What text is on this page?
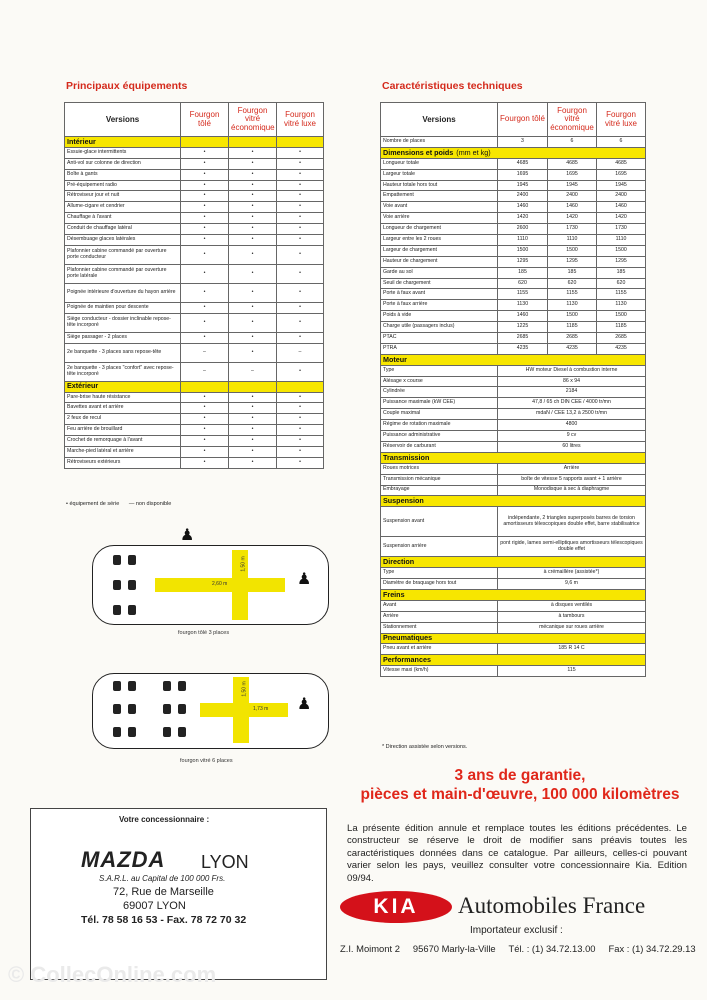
Principaux équipements
Versions	Fourgon tôlé	Fourgon vitré économique	Fourgon vitré luxe
Intérieur			
Essuie-glace intermittents	•	•	•
Anti-vol sur colonne de direction	•	•	•
Boîte à gants	•	•	•
Pré-équipement radio	•	•	•
Rétroviseur jour et nuit	•	•	•
Allume-cigare et cendrier	•	•	•
Chauffage à l'avant	•	•	•
Conduit de chauffage latéral	•	•	•
Désembuage glaces latérales	•	•	•
Plafonnier cabine commandé par ouverture porte conducteur	•	•	•
Plafonnier cabine commandé par ouverture porte latérale	•	•	•
Poignée intérieure d'ouverture du hayon arrière	•	•	•
Poignée de maintien pour descente	•	•	•
Siège conducteur - dossier inclinable repose-tête incorporé	•	•	•
Siège passager - 2 places	•	•	•
2e banquette - 3 places sans repose-tête	–	•	–
2e banquette - 3 places "confort" avec repose-tête incorporé	–	–	•
Extérieur			
Pare-brise haute résistance	•	•	•
Bavettes avant et arrière	•	•	•
2 feux de recul	•	•	•
Feu arrière de brouillard	•	•	•
Crochet de remorquage à l'avant	•	•	•
Marche-pied latéral et arrière	•	•	•
Rétroviseurs extérieurs	•	•	•
• équipement de série — non disponible
♟
2,60 m
1,50 m
♟
fourgon tôlé 3 places
1,73 m
1,50 m
♟
fourgon vitré 6 places
Caractéristiques techniques
Versions	Fourgon tôlé	Fourgon vitré économique	Fourgon vitré luxe
Nombre de places	3	6	6
Dimensions et poids (mm et kg)			
Longueur totale	4685	4685	4685
Largeur totale	1695	1695	1695
Hauteur totale hors tout	1945	1945	1945
Empattement	2400	2400	2400
Voie avant	1460	1460	1460
Voie arrière	1420	1420	1420
Longueur de chargement	2600	1730	1730
Largeur entre les 2 roues	1110	1110	1110
Largeur de chargement	1500	1500	1500
Hauteur de chargement	1295	1295	1295
Garde au sol	185	185	185
Seuil de chargement	620	620	620
Porte à faux avant	1155	1155	1155
Porte à faux arrière	1130	1130	1130
Poids à vide	1460	1500	1500
Charge utile (passagers inclus)	1225	1185	1185
PTAC	2685	2685	2685
PTRA	4235	4235	4235
Moteur			
Type	HW moteur Diesel à combustion interne		
Alésage x course	86 x 94		
Cylindrée	2184		
Puissance maximale (kW CEE)	47,8 / 65 ch DIN CEE / 4000 tr/mn		
Couple maximal	mdaN / CEE 13,2 à 2500 tr/mn		
Régime de rotation maximale	4800		
Puissance administrative	9 cv		
Réservoir de carburant	60 litres		
Transmission			
Roues motrices	Arrière		
Transmission mécanique	boîte de vitesse 5 rapports avant + 1 arrière		
Embrayage	Monodisque à sec à diaphragme		
Suspension			
Suspension avant	indépendante, 2 triangles superposés barres de torsion amortisseurs télescopiques double effet, barre stabilisatrice		
Suspension arrière	pont rigide, lames semi-elliptiques amortisseurs télescopiques double effet		
Direction			
Type	à crémaillère (assistée*)		
Diamètre de braquage hors tout	9,6 m		
Freins			
Avant	à disques ventilés		
Arrière	à tambours		
Stationnement	mécanique sur roues arrière		
Pneumatiques			
Pneu avant et arrière	185 R 14 C		
Performances			
Vitesse maxi (km/h)	115		
* Direction assistée selon versions.
3 ans de garantie,
pièces et main-d'œuvre, 100 000 kilomètres
La présente édition annule et remplace toutes les éditions précédentes. Le constructeur se réserve le droit de modifier sans préavis toutes les caractéristiques données dans ce catalogue. Par ailleurs, celles-ci pouvant varier selon les pays, veuillez consulter votre concessionnaire Kia. Edition 09/94.
Votre concessionnaire :
MAZDA LYON
S.A.R.L. au Capital de 100 000 Frs.
72, Rue de Marseille
69007 LYON
Tél. 78 58 16 53 - Fax. 78 72 70 32
KIA	Automobiles France
Importateur exclusif :
Z.I. Moimont 2     95670 Marly-la-Ville     Tél. : (1) 34.72.13.00     Fax : (1) 34.72.29.13
© CollecOnline.com
